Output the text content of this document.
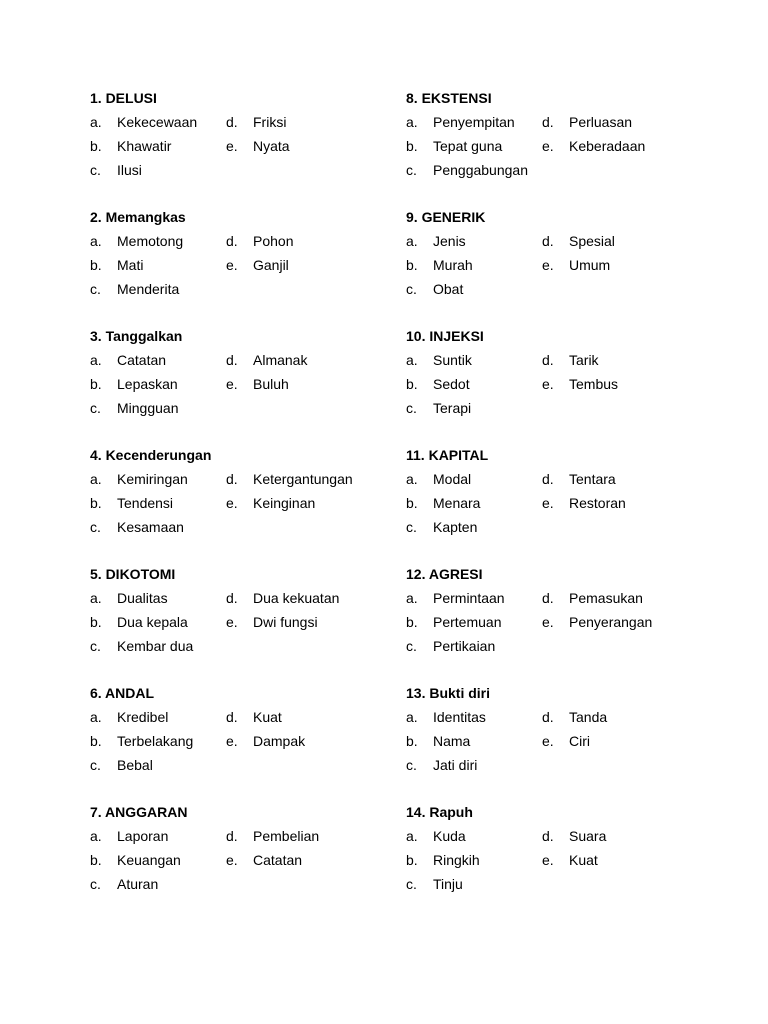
1. DELUSI
a. Kekecewaan d. Friksi
b. Khawatir	e. Nyata
c. Ilusi
2. Memangkas
a. Memotong	d. Pohon
b. Mati	e. Ganjil
c. Menderita
3. Tanggalkan
a. Catatan	d. Almanak
b. Lepaskan	e. Buluh
c. Mingguan
4. Kecenderungan
a. Kemiringan	d. Ketergantungan
b. Tendensi	e. Keinginan
c. Kesamaan
5. DIKOTOMI
a. Dualitas	d. Dua kekuatan
b. Dua kepala	e. Dwi fungsi
c. Kembar dua
6. ANDAL
a. Kredibel	d. Kuat
b. Terbelakang e. Dampak
c. Bebal
7. ANGGARAN
a. Laporan	d. Pembelian
b. Keuangan	e. Catatan
c. Aturan
8. EKSTENSI
a. Penyempitan d. Perluasan
b. Tepat guna	e. Keberadaan
c. Penggabungan
9. GENERIK
a. Jenis	d. Spesial
b. Murah	e. Umum
c. Obat
10. INJEKSI
a. Suntik	d. Tarik
b. Sedot	e. Tembus
c. Terapi
11. KAPITAL
a. Modal	d. Tentara
b. Menara	e. Restoran
c. Kapten
12. AGRESI
a. Permintaan	d. Pemasukan
b. Pertemuan	e. Penyerangan
c. Pertikaian
13. Bukti diri
a. Identitas	d. Tanda
b. Nama	e. Ciri
c. Jati diri
14. Rapuh
a. Kuda	d. Suara
b. Ringkih	e. Kuat
c. Tinju
